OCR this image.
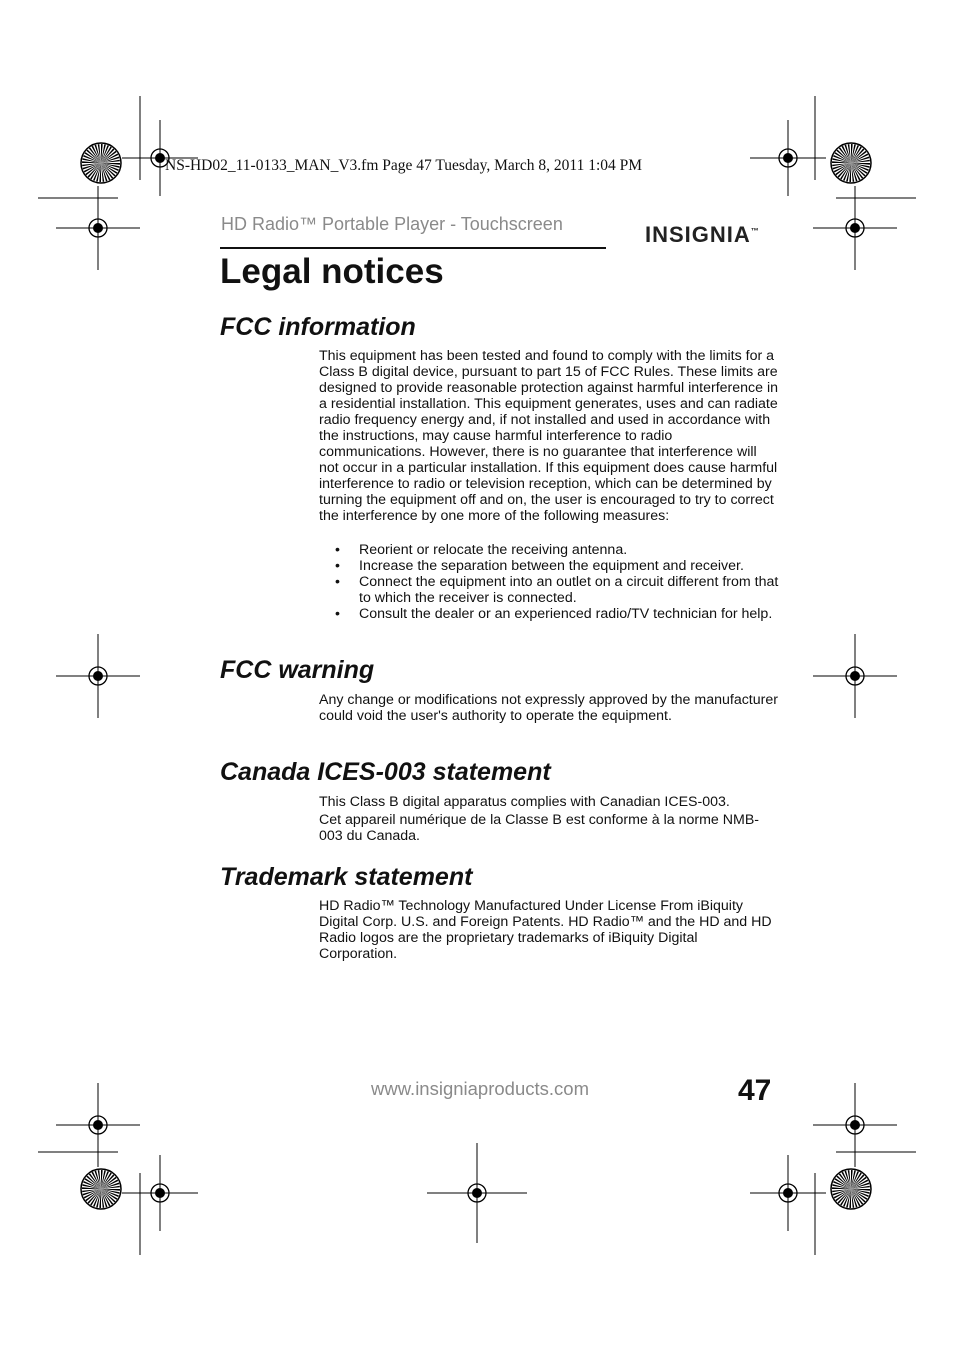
NS-HD02_11-0133_MAN_V3.fm Page 47 Tuesday, March 8, 2011 1:04 PM
HD Radio™ Portable Player - Touchscreen	INSIGNIA™
Legal notices
FCC information

This equipment has been tested and found to comply with the limits for a Class B digital device, pursuant to part 15 of FCC Rules. These limits are designed to provide reasonable protection against harmful interference in a residential installation. This equipment generates, uses and can radiate radio frequency energy and, if not installed and used in accordance with the instructions, may cause harmful interference to radio communications. However, there is no guarantee that interference will not occur in a particular installation. If this equipment does cause harmful interference to radio or television reception, which can be determined by turning the equipment off and on, the user is encouraged to try to correct the interference by one more of the following measures:

• Reorient or relocate the receiving antenna.
• Increase the separation between the equipment and receiver.
• Connect the equipment into an outlet on a circuit different from that to which the receiver is connected.
• Consult the dealer or an experienced radio/TV technician for help.
FCC warning

Any change or modifications not expressly approved by the manufacturer could void the user's authority to operate the equipment.

Canada ICES-003 statement

This Class B digital apparatus complies with Canadian ICES-003.

Cet appareil numérique de la Classe B est conforme à la norme NMB-003 du Canada.

Trademark statement

HD Radio™ Technology Manufactured Under License From iBiquity Digital Corp. U.S. and Foreign Patents. HD Radio™ and the HD and HD Radio logos are the proprietary trademarks of iBiquity Digital Corporation.

www.insigniaproducts.com	47
